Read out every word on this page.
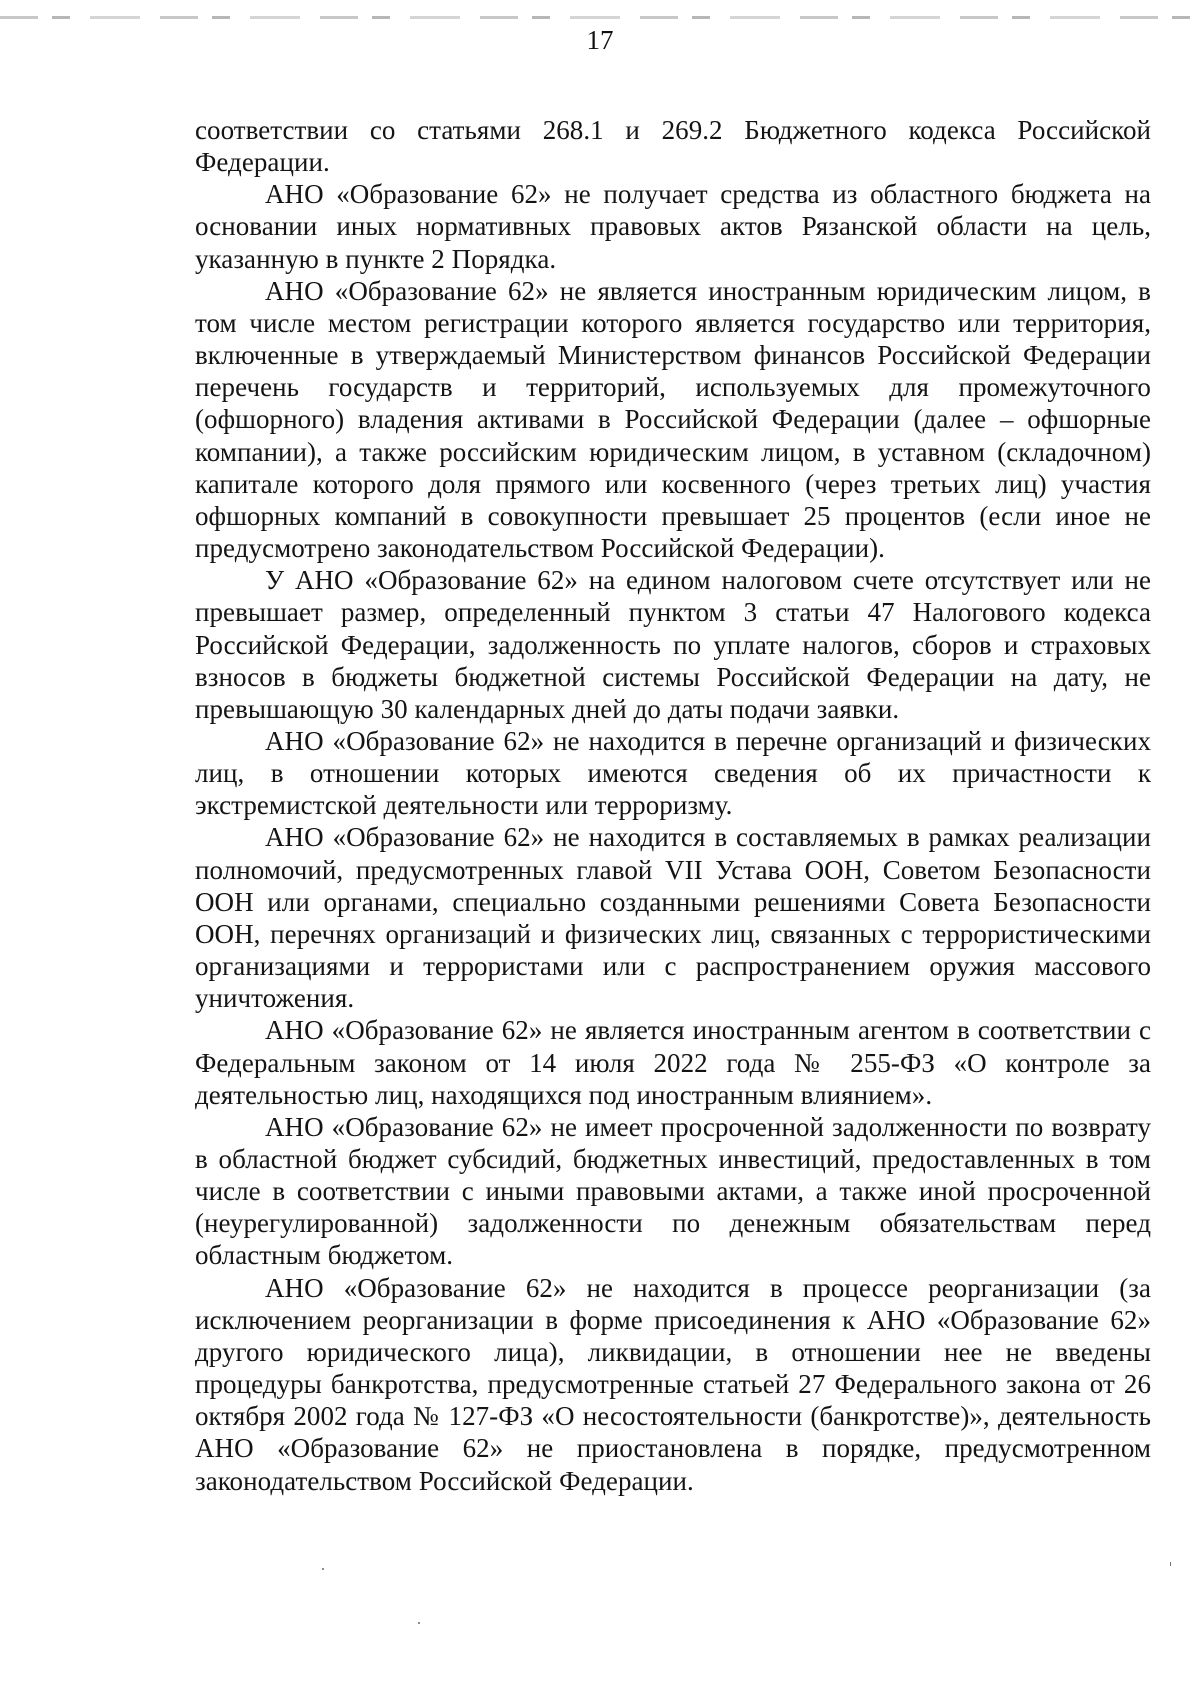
17

соответствии со статьями 268.1 и 269.2 Бюджетного кодекса Российской Федерации.

АНО «Образование 62» не получает средства из областного бюджета на основании иных нормативных правовых актов Рязанской области на цель, указанную в пункте 2 Порядка.

АНО «Образование 62» не является иностранным юридическим лицом, в том числе местом регистрации которого является государство или территория, включенные в утверждаемый Министерством финансов Российской Федерации перечень государств и территорий, используемых для промежуточного (офшорного) владения активами в Российской Федерации (далее – офшорные компании), а также российским юридическим лицом, в уставном (складочном) капитале которого доля прямого или косвенного (через третьих лиц) участия офшорных компаний в совокупности превышает 25 процентов (если иное не предусмотрено законодательством Российской Федерации).

У АНО «Образование 62» на едином налоговом счете отсутствует или не превышает размер, определенный пунктом 3 статьи 47 Налогового кодекса Российской Федерации, задолженность по уплате налогов, сборов и страховых взносов в бюджеты бюджетной системы Российской Федерации на дату, не превышающую 30 календарных дней до даты подачи заявки.

АНО «Образование 62» не находится в перечне организаций и физических лиц, в отношении которых имеются сведения об их причастности к экстремистской деятельности или терроризму.

АНО «Образование 62» не находится в составляемых в рамках реализации полномочий, предусмотренных главой VII Устава ООН, Советом Безопасности ООН или органами, специально созданными решениями Совета Безопасности ООН, перечнях организаций и физических лиц, связанных с террористическими организациями и террористами или с распространением оружия массового уничтожения.

АНО «Образование 62» не является иностранным агентом в соответствии с Федеральным законом от 14 июля 2022 года № 255-ФЗ «О контроле за деятельностью лиц, находящихся под иностранным влиянием».

АНО «Образование 62» не имеет просроченной задолженности по возврату в областной бюджет субсидий, бюджетных инвестиций, предоставленных в том числе в соответствии с иными правовыми актами, а также иной просроченной (неурегулированной) задолженности по денежным обязательствам перед областным бюджетом.

АНО «Образование 62» не находится в процессе реорганизации (за исключением реорганизации в форме присоединения к АНО «Образование 62» другого юридического лица), ликвидации, в отношении нее не введены процедуры банкротства, предусмотренные статьей 27 Федерального закона от 26 октября 2002 года № 127-ФЗ «О несостоятельности (банкротстве)», деятельность АНО «Образование 62» не приостановлена в порядке, предусмотренном законодательством Российской Федерации.
